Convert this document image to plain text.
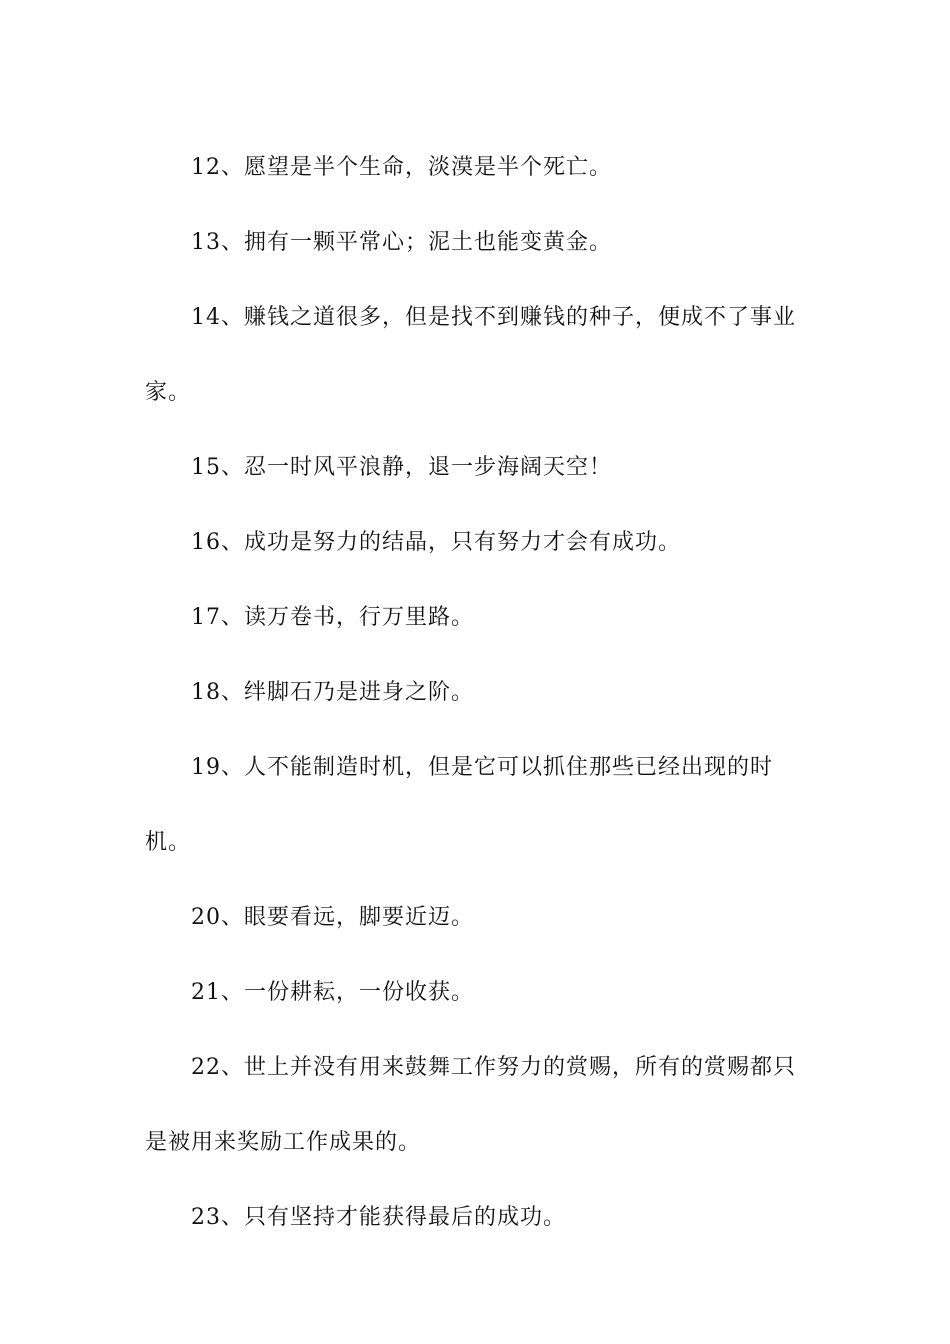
12、愿望是半个生命，淡漠是半个死亡。

13、拥有一颗平常心；泥土也能变黄金。

14、赚钱之道很多，但是找不到赚钱的种子，便成不了事业家。

15、忍一时风平浪静，退一步海阔天空！

16、成功是努力的结晶，只有努力才会有成功。

17、读万卷书，行万里路。

18、绊脚石乃是进身之阶。

19、人不能制造时机，但是它可以抓住那些已经出现的时机。

20、眼要看远，脚要近迈。

21、一份耕耘，一份收获。

22、世上并没有用来鼓舞工作努力的赏赐，所有的赏赐都只是被用来奖励工作成果的。

23、只有坚持才能获得最后的成功。
